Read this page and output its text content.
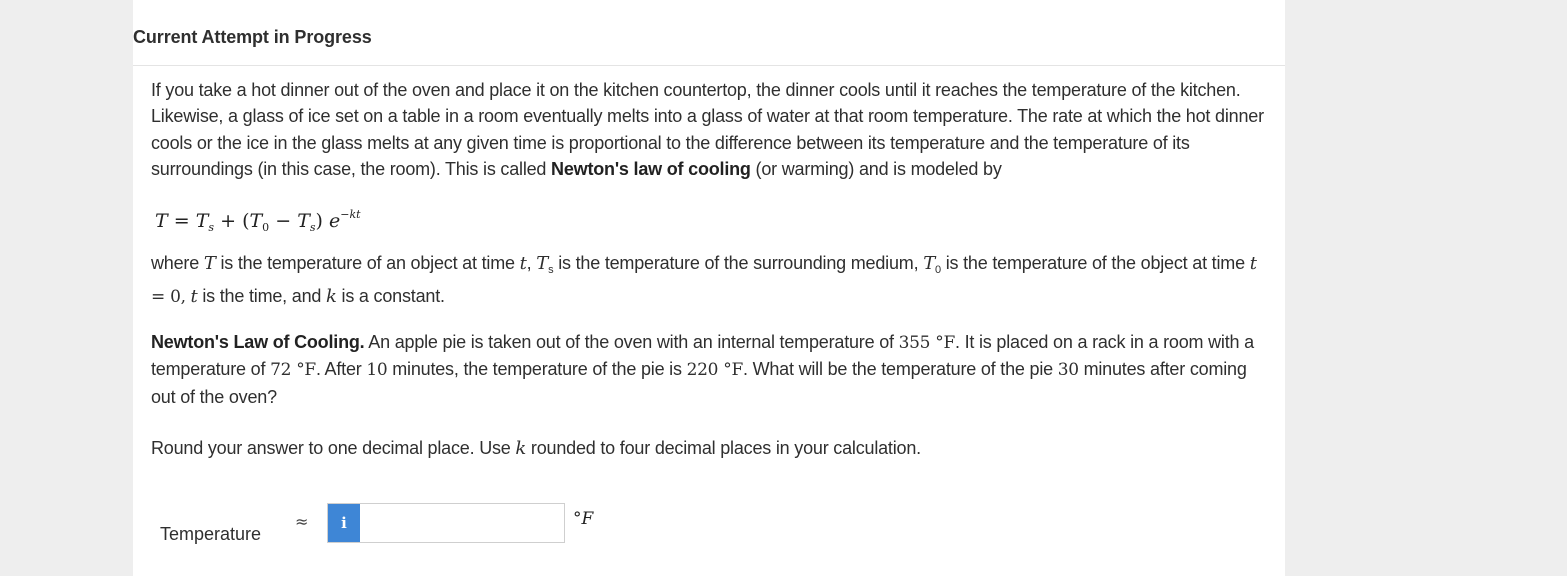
Current Attempt in Progress

If you take a hot dinner out of the oven and place it on the kitchen countertop, the dinner cools until it reaches the temperature of the kitchen. Likewise, a glass of ice set on a table in a room eventually melts into a glass of water at that room temperature. The rate at which the hot dinner cools or the ice in the glass melts at any given time is proportional to the difference between its temperature and the temperature of its surroundings (in this case, the room). This is called Newton's law of cooling (or warming) and is modeled by

$T = T_s + (T_0 - T_s)$ $e^{-kt}$

where T is the temperature of an object at time t, $T_s$ is the temperature of the surrounding medium, $T_0$ is the temperature of the object at time t = 0, t is the time, and k is a constant.

Newton's Law of Cooling. An apple pie is taken out of the oven with an internal temperature of 355 °F. It is placed on a rack in a room with a temperature of 72 °F. After 10 minutes, the temperature of the pie is 220 °F. What will be the temperature of the pie 30 minutes after coming out of the oven?

Round your answer to one decimal place. Use k rounded to four decimal places in your calculation.

Temperature
≈	i	°F
